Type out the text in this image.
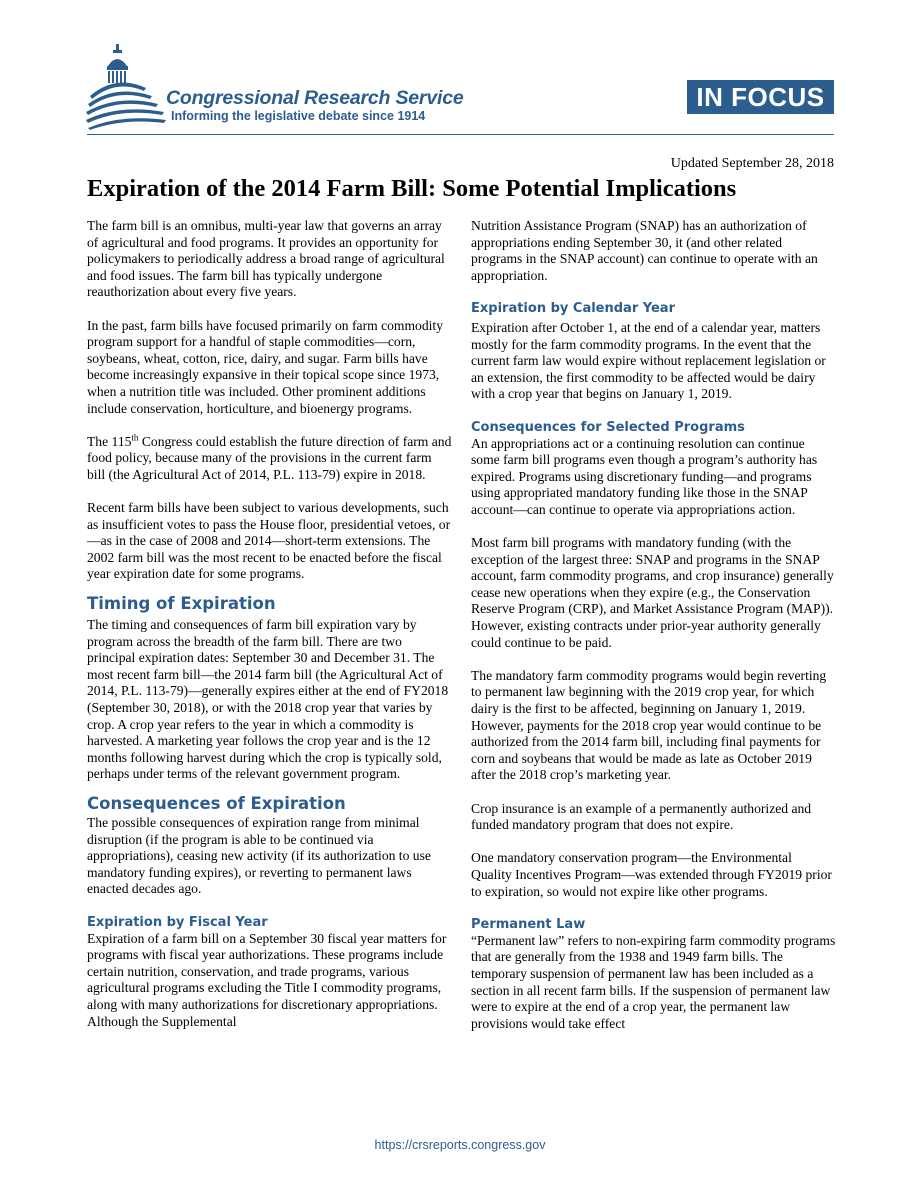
Congressional Research Service
Informing the legislative debate since 1914
IN FOCUS
Updated September 28, 2018
Expiration of the 2014 Farm Bill: Some Potential Implications

The farm bill is an omnibus, multi-year law that governs an array of agricultural and food programs. It provides an opportunity for policymakers to periodically address a broad range of agricultural and food issues. The farm bill has typically undergone reauthorization about every five years.

In the past, farm bills have focused primarily on farm commodity program support for a handful of staple commodities—corn, soybeans, wheat, cotton, rice, dairy, and sugar. Farm bills have become increasingly expansive in their topical scope since 1973, when a nutrition title was included. Other prominent additions include conservation, horticulture, and bioenergy programs.

The 115th Congress could establish the future direction of farm and food policy, because many of the provisions in the current farm bill (the Agricultural Act of 2014, P.L. 113-79) expire in 2018.

Recent farm bills have been subject to various developments, such as insufficient votes to pass the House floor, presidential vetoes, or—as in the case of 2008 and 2014—short-term extensions. The 2002 farm bill was the most recent to be enacted before the fiscal year expiration date for some programs.

Timing of Expiration

The timing and consequences of farm bill expiration vary by program across the breadth of the farm bill. There are two principal expiration dates: September 30 and December 31. The most recent farm bill—the 2014 farm bill (the Agricultural Act of 2014, P.L. 113-79)—generally expires either at the end of FY2018 (September 30, 2018), or with the 2018 crop year that varies by crop. A crop year refers to the year in which a commodity is harvested. A marketing year follows the crop year and is the 12 months following harvest during which the crop is typically sold, perhaps under terms of the relevant government program.

Consequences of Expiration

The possible consequences of expiration range from minimal disruption (if the program is able to be continued via appropriations), ceasing new activity (if its authorization to use mandatory funding expires), or reverting to permanent laws enacted decades ago.

Expiration by Fiscal Year

Expiration of a farm bill on a September 30 fiscal year matters for programs with fiscal year authorizations. These programs include certain nutrition, conservation, and trade programs, various agricultural programs excluding the Title I commodity programs, along with many authorizations for discretionary appropriations. Although the Supplemental

Nutrition Assistance Program (SNAP) has an authorization of appropriations ending September 30, it (and other related programs in the SNAP account) can continue to operate with an appropriation.

Expiration by Calendar Year

Expiration after October 1, at the end of a calendar year, matters mostly for the farm commodity programs. In the event that the current farm law would expire without replacement legislation or an extension, the first commodity to be affected would be dairy with a crop year that begins on January 1, 2019.

Consequences for Selected Programs

An appropriations act or a continuing resolution can continue some farm bill programs even though a program’s authority has expired. Programs using discretionary funding—and programs using appropriated mandatory funding like those in the SNAP account—can continue to operate via appropriations action.

Most farm bill programs with mandatory funding (with the exception of the largest three: SNAP and programs in the SNAP account, farm commodity programs, and crop insurance) generally cease new operations when they expire (e.g., the Conservation Reserve Program (CRP), and Market Assistance Program (MAP)). However, existing contracts under prior-year authority generally could continue to be paid.

The mandatory farm commodity programs would begin reverting to permanent law beginning with the 2019 crop year, for which dairy is the first to be affected, beginning on January 1, 2019. However, payments for the 2018 crop year would continue to be authorized from the 2014 farm bill, including final payments for corn and soybeans that would be made as late as October 2019 after the 2018 crop’s marketing year.

Crop insurance is an example of a permanently authorized and funded mandatory program that does not expire.

One mandatory conservation program—the Environmental Quality Incentives Program—was extended through FY2019 prior to expiration, so would not expire like other programs.

Permanent Law

“Permanent law” refers to non-expiring farm commodity programs that are generally from the 1938 and 1949 farm bills. The temporary suspension of permanent law has been included as a section in all recent farm bills. If the suspension of permanent law were to expire at the end of a crop year, the permanent law provisions would take effect

https://crsreports.congress.gov
